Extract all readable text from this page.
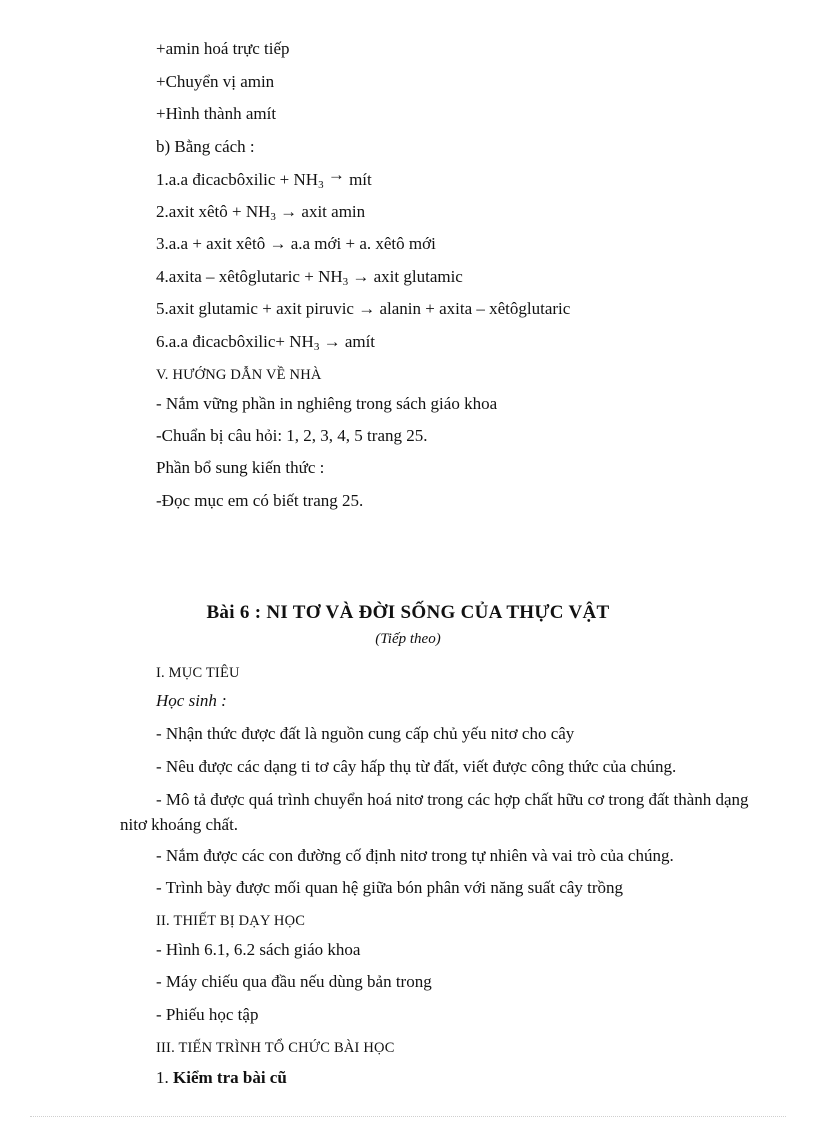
+amin hoá trực tiếp
+Chuyển vị amin
+Hình thành amít
b) Bằng cách :
1.a.a đicacbôxilic + $NH_3$ → mít
2.axit xêtô + $NH_3$ → axit amin
3.a.a + axit xêtô → a.a mới + a. xêtô mới
4.axita – xêtôglutaric + $NH_3$ → axit glutamic
5.axit glutamic + axit piruvic → alanin + axita – xêtôglutaric
6.a.a đicacbôxilic+ $NH_3$ → amít
V. HƯỚNG DẪN VỀ NHÀ
- Nắm vững phần in nghiêng trong sách giáo khoa
-Chuẩn bị câu hỏi: 1, 2, 3, 4, 5 trang 25.
Phần bổ sung kiến thức :
-Đọc mục em có biết trang 25.
Bài 6 : NI TƠ VÀ ĐỜI SỐNG CỦA THỰC VẬT
(Tiếp theo)
I. MỤC TIÊU
Học sinh :
- Nhận thức được đất là nguồn cung cấp chủ yếu nitơ cho cây
- Nêu được các dạng ti tơ cây hấp thụ từ đất, viết được công thức của chúng.
- Mô tả được quá trình chuyển hoá nitơ trong các hợp chất hữu cơ trong đất thành dạng nitơ khoáng chất.
- Nắm được các con đường cố định nitơ trong tự nhiên và vai trò của chúng.
- Trình bày được mối quan hệ giữa bón phân với năng suất cây trồng
II. THIẾT BỊ DẠY HỌC
- Hình 6.1, 6.2 sách giáo khoa
- Máy chiếu qua đầu nếu dùng bản trong
- Phiếu học tập
III. TIẾN TRÌNH TỔ CHỨC BÀI HỌC
1. Kiểm tra bài cũ
